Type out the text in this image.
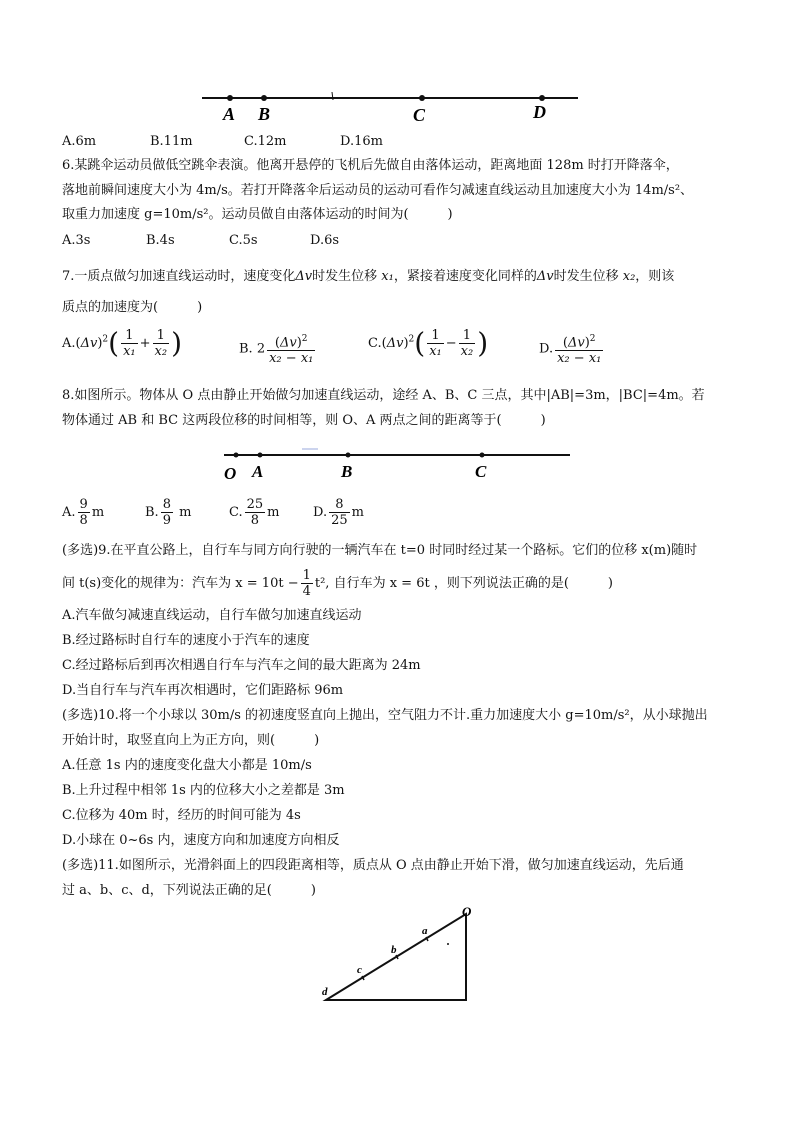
A B	C	D
A.6m	B.11m	C.12m	D.16m
6.某跳伞运动员做低空跳伞表演。他离开悬停的飞机后先做自由落体运动，距离地面 128m 时打开降落伞，
落地前瞬间速度大小为 4m/s。若打开降落伞后运动员的运动可看作匀减速直线运动且加速度大小为 14m/s²、
取重力加速度 g=10m/s²。运动员做自由落体运动的时间为(　　　)
A.3s	B.4s	C.5s	D.6s
7.一质点做匀加速直线运动时，速度变化Δv时发生位移 x₁，紧接着速度变化同样的Δv时发生位移 x₂，则该
质点的加速度为(　　　)
$A.(\Delta v)^2( \frac{1}{\text{x₁}} + \frac{1}{\text{x₂}}$ )	B. $2 \frac{(\Delta v)^2}{\text{x₂ − x₁}}$	$C.(\Delta v)^2( \frac{1}{\text{x₁}} - \frac{1}{\text{x₂}}$ )	D. $\frac{(\Delta v)^2}{\text{x₂ − x₁}}$
8.如图所示。物体从 O 点由静止开始做匀加速直线运动，途经 A、B、C 三点，其中|AB|=3m，|BC|=4m。若
物体通过 AB 和 BC 这两段位移的时间相等，则 O、A 两点之间的距离等于(　　　)
O A	B	C
A. $\frac{9}{8}$ m	B. $\frac{8}{9}$ m	C. $\frac{25}{8}$ m	D. $\frac{8}{25}$ m
(多选)9.在平直公路上，自行车与同方向行驶的一辆汽车在 t=0 时同时经过某一个路标。它们的位移 x(m)随时
间 t(s)变化的规律为：汽车为 $x = 10t - \frac{1}{4} t^2$, 自行车为 x = 6t ，则下列说法正确的是(　　　)
A.汽车做匀减速直线运动，自行车做匀加速直线运动
B.经过路标时自行车的速度小于汽车的速度
C.经过路标后到再次相遇自行车与汽车之间的最大距离为 24m
D.当自行车与汽车再次相遇时，它们距路标 96m
(多选)10.将一个小球以 30m/s 的初速度竖直向上抛出，空气阻力不计.重力加速度大小 g=10m/s²，从小球抛出
开始计时，取竖直向上为正方向，则(　　　)
A.任意 1s 内的速度变化盘大小都是 10m/s
B.上升过程中相邻 1s 内的位移大小之差都是 3m
C.位移为 40m 时，经历的时间可能为 4s
D.小球在 0~6s 内，速度方向和加速度方向相反
(多选)11.如图所示，光滑斜面上的四段距离相等，质点从 O 点由静止开始下滑，做匀加速直线运动，先后通
过 a、b、c、d，下列说法正确的足(　　　)
O
a
b
c
d
